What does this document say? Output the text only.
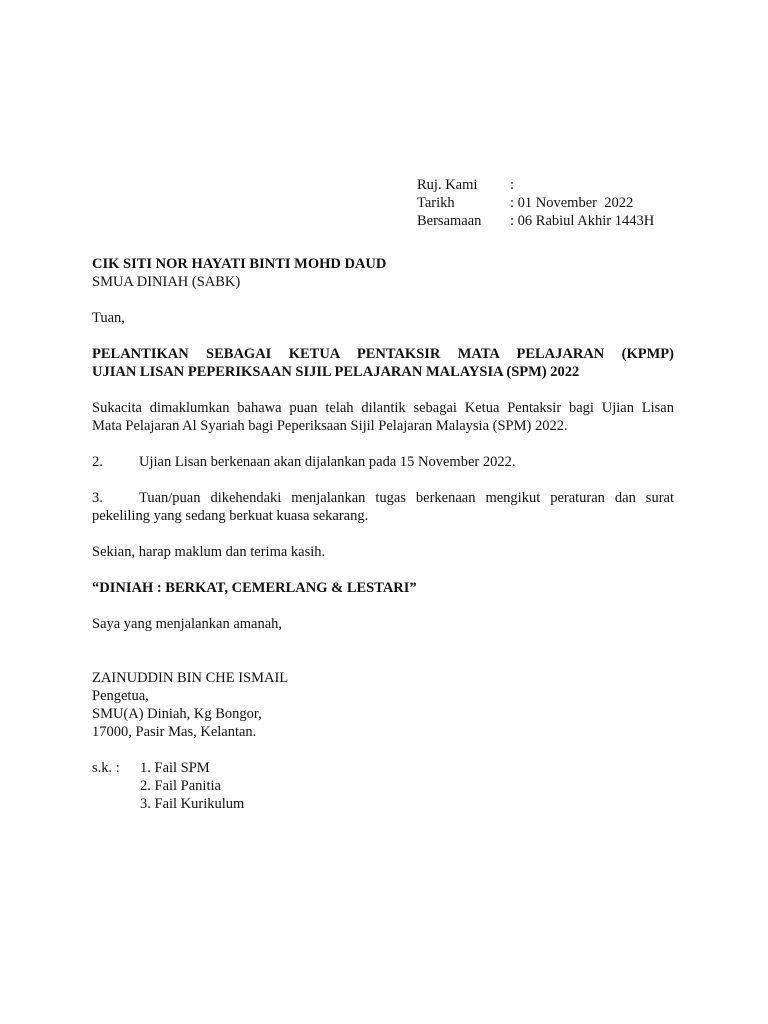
Ruj. Kami	:
Tarikh	: 01 November  2022
Bersamaan	: 06 Rabiul Akhir 1443H

CIK SITI NOR HAYATI BINTI MOHD DAUD

SMUA DINIAH (SABK)

Tuan,

PELANTIKAN SEBAGAI KETUA PENTAKSIR MATA PELAJARAN (KPMP)

UJIAN LISAN PEPERIKSAAN SIJIL PELAJARAN MALAYSIA (SPM) 2022

Sukacita dimaklumkan bahawa puan telah dilantik sebagai Ketua Pentaksir bagi Ujian Lisan

Mata Pelajaran Al Syariah bagi Peperiksaan Sijil Pelajaran Malaysia (SPM) 2022.

2. Ujian Lisan berkenaan akan dijalankan pada 15 November 2022.

3. Tuan/puan dikehendaki menjalankan tugas berkenaan mengikut peraturan dan surat

pekeliling yang sedang berkuat kuasa sekarang.

Sekian, harap maklum dan terima kasih.

“DINIAH : BERKAT, CEMERLANG & LESTARI”

Saya yang menjalankan amanah,

ZAINUDDIN BIN CHE ISMAIL

Pengetua,

SMU(A) Diniah, Kg Bongor,

17000, Pasir Mas, Kelantan.

s.k. :	1. Fail SPM
2. Fail Panitia
3. Fail Kurikulum
